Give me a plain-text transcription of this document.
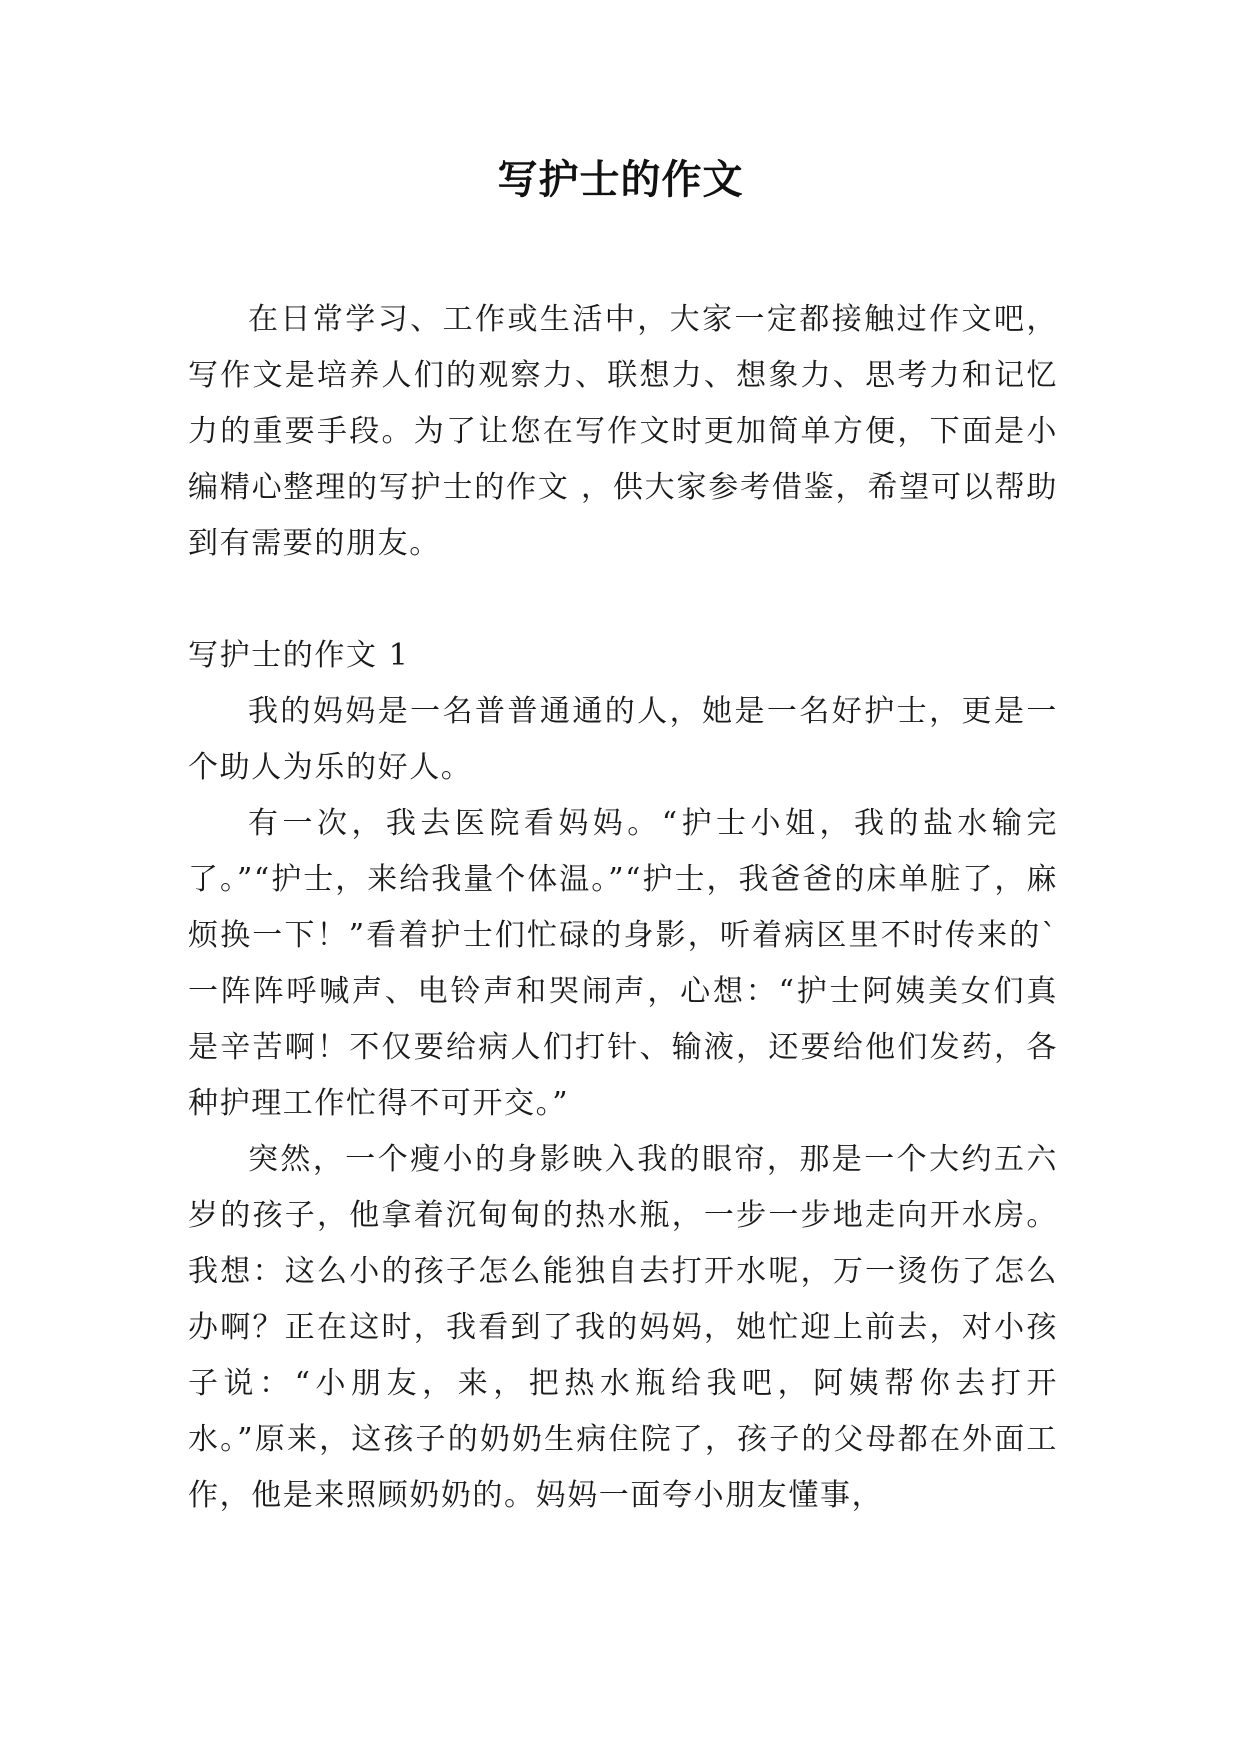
写护士的作文

在日常学习、工作或生活中，大家一定都接触过作文吧，写作文是培养人们的观察力、联想力、想象力、思考力和记忆力的重要手段。为了让您在写作文时更加简单方便，下面是小编精心整理的写护士的作文 ，供大家参考借鉴，希望可以帮助到有需要的朋友。

写护士的作文 1

我的妈妈是一名普普通通的人，她是一名好护士，更是一个助人为乐的好人。

有一次，我去医院看妈妈。“护士小姐，我的盐水输完了。”“护士，来给我量个体温。”“护士，我爸爸的床单脏了，麻烦换一下！”看着护士们忙碌的身影，听着病区里不时传来的`一阵阵呼喊声、电铃声和哭闹声，心想：“护士阿姨美女们真是辛苦啊！不仅要给病人们打针、输液，还要给他们发药，各种护理工作忙得不可开交。”

突然，一个瘦小的身影映入我的眼帘，那是一个大约五六岁的孩子，他拿着沉甸甸的热水瓶，一步一步地走向开水房。我想：这么小的孩子怎么能独自去打开水呢，万一烫伤了怎么办啊？正在这时，我看到了我的妈妈，她忙迎上前去，对小孩子说：“小朋友，来，把热水瓶给我吧，阿姨帮你去打开水。”原来，这孩子的奶奶生病住院了，孩子的父母都在外面工作，他是来照顾奶奶的。妈妈一面夸小朋友懂事，
